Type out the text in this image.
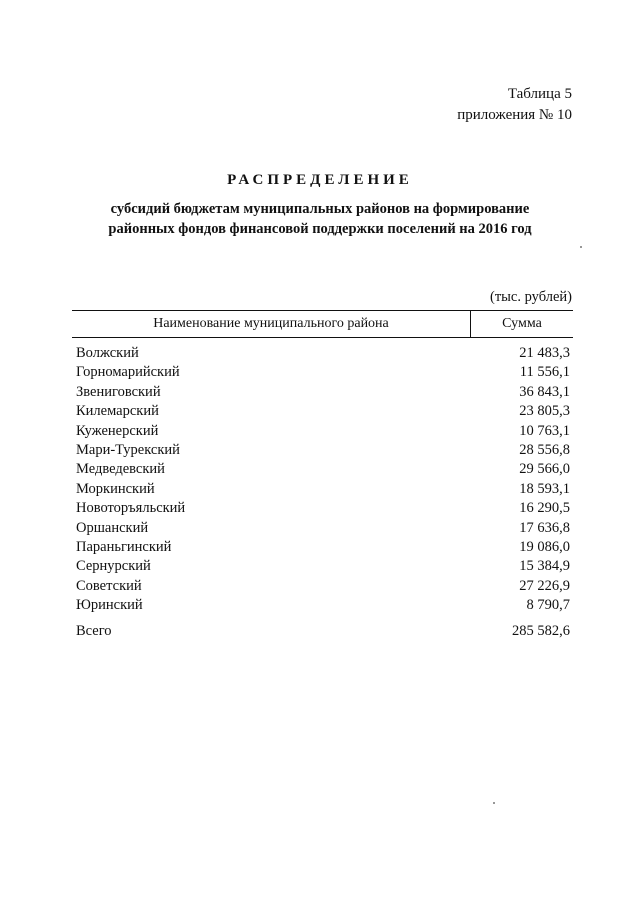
Таблица 5
приложения № 10
РАСПРЕДЕЛЕНИЕ
субсидий бюджетам муниципальных районов на формирование
районных фондов финансовой поддержки поселений на 2016 год
(тыс. рублей)
Наименование муниципального района	Сумма
Волжский	21 483,3
Горномарийский	11 556,1
Звениговский	36 843,1
Килемарский	23 805,3
Куженерский	10 763,1
Мари-Турекский	28 556,8
Медведевский	29 566,0
Моркинский	18 593,1
Новоторъяльский	16 290,5
Оршанский	17 636,8
Параньгинский	19 086,0
Сернурский	15 384,9
Советский	27 226,9
Юринский	8 790,7
Всего	285 582,6
